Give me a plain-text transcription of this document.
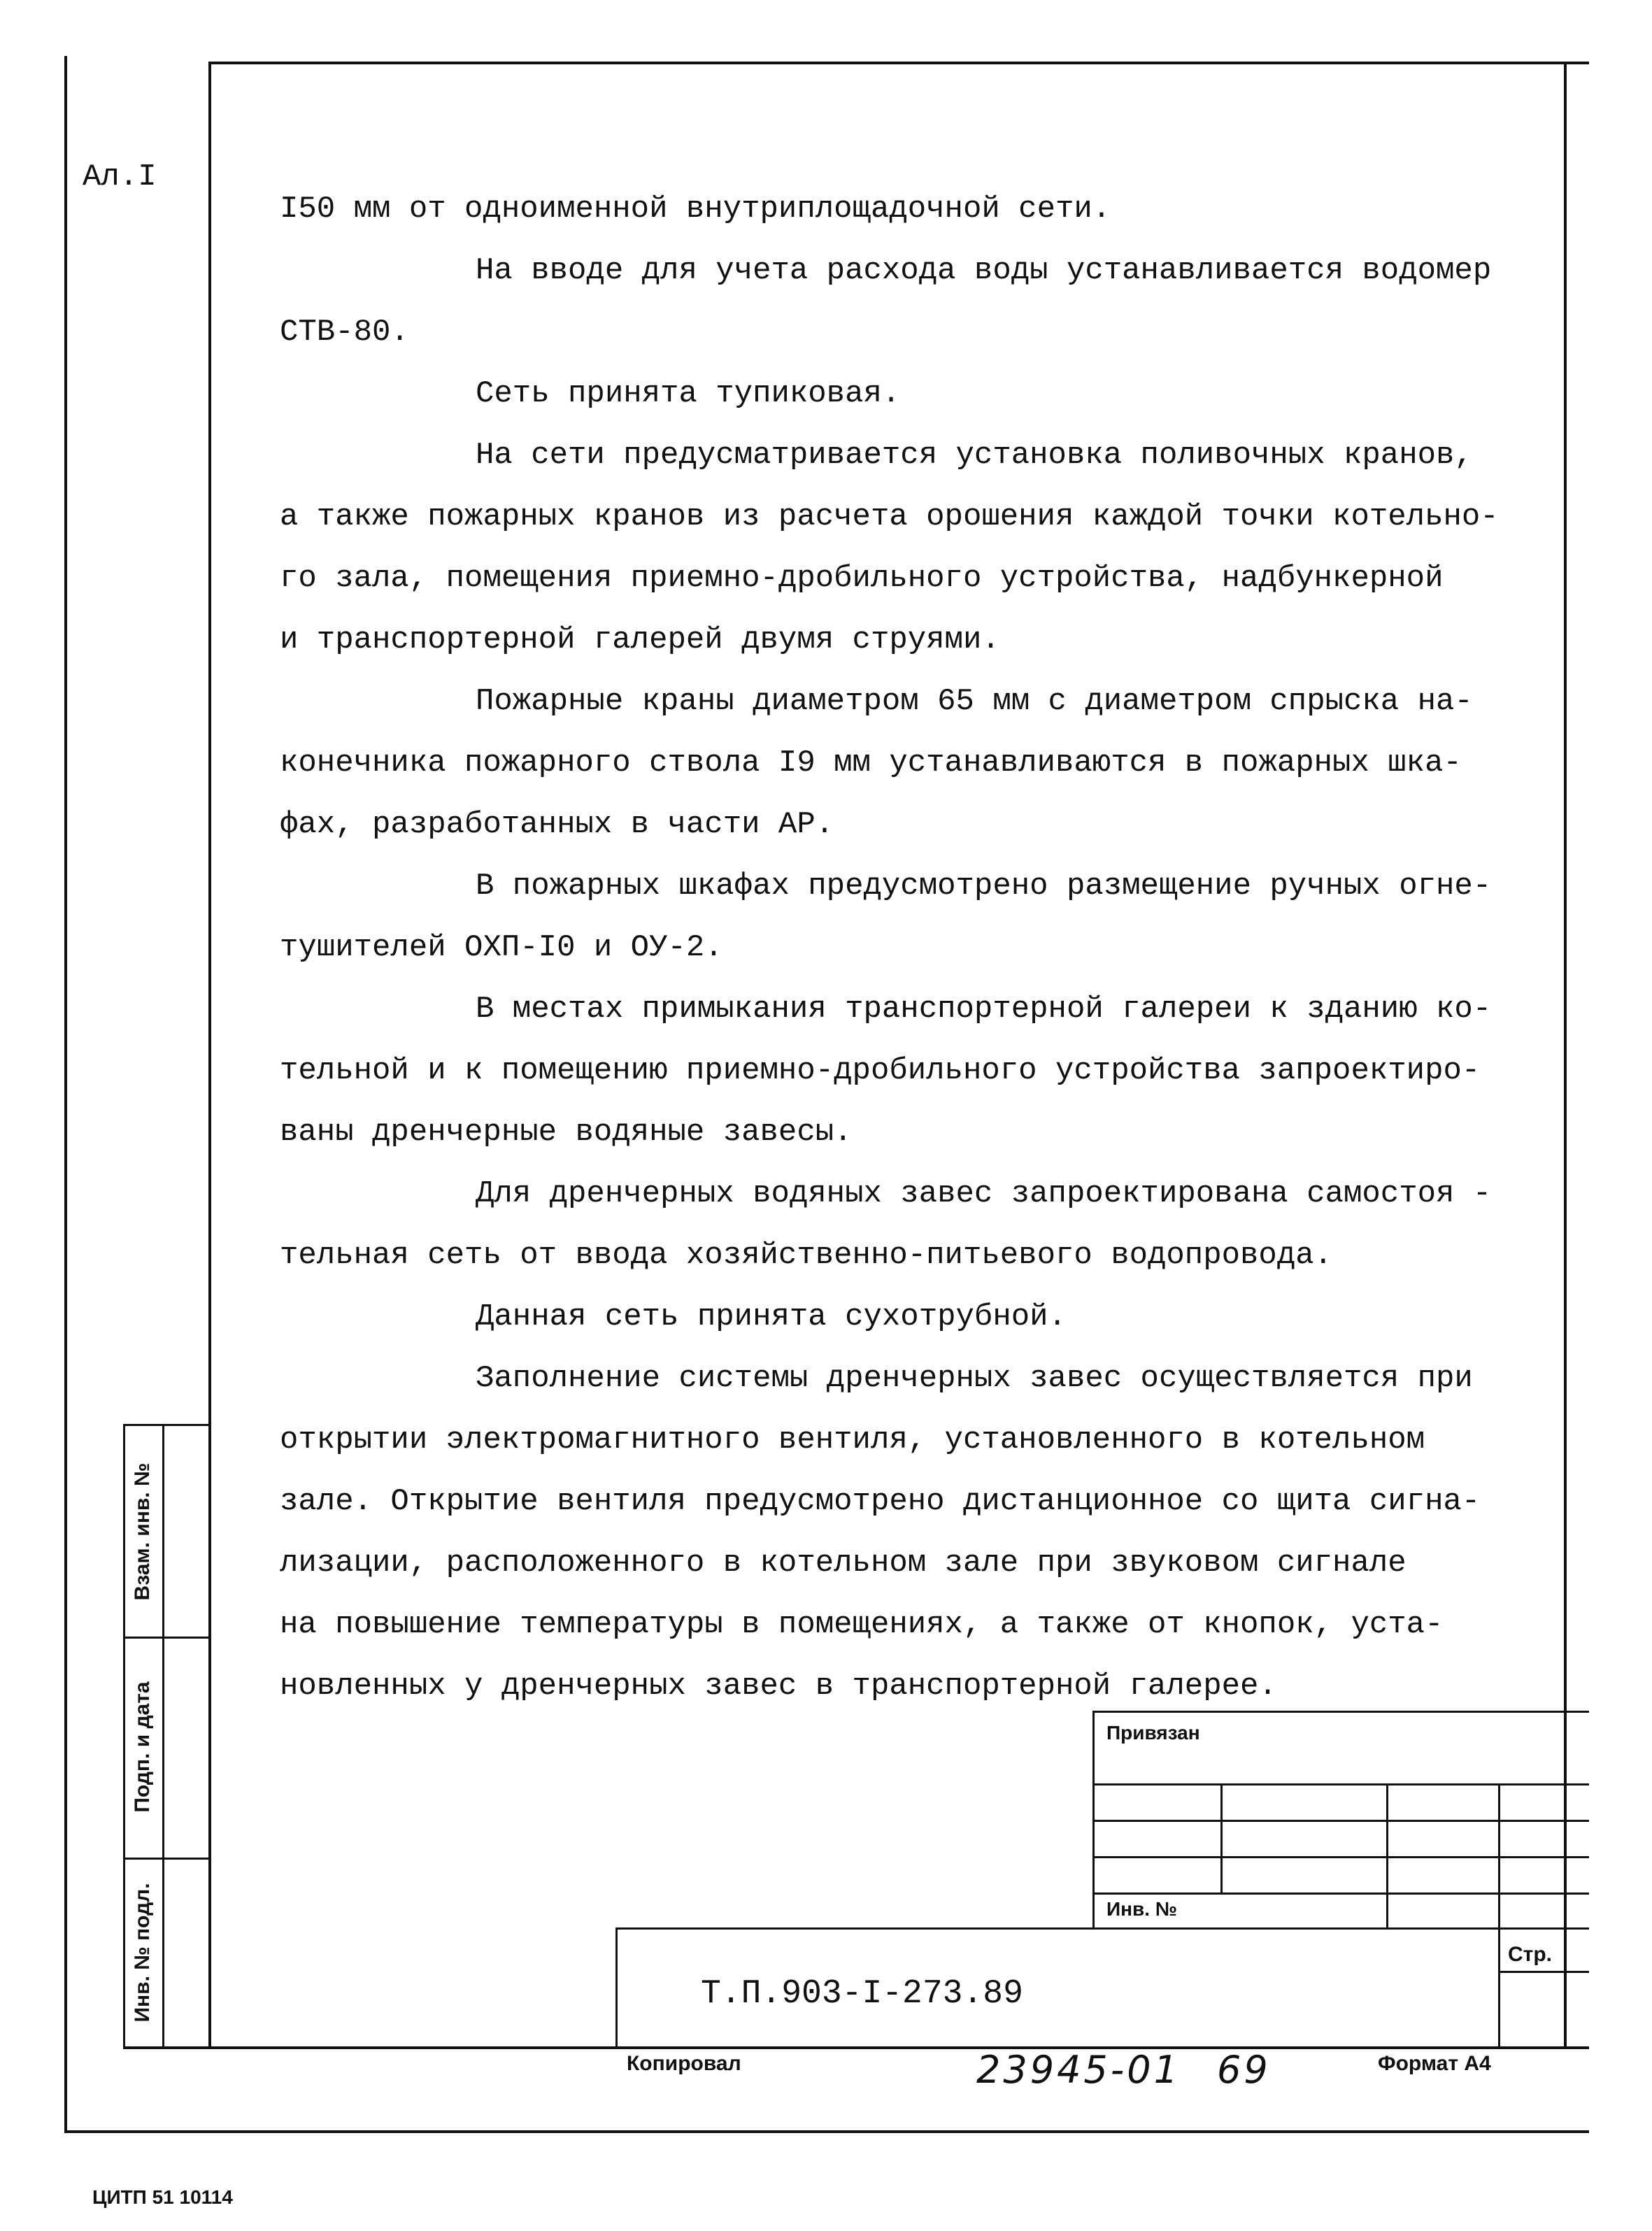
Ал.I

I50 мм от одноименной внутриплощадочной сети.

На вводе для учета расхода воды устанавливается водомер

СТВ-80.

Сеть принята тупиковая.

На сети предусматривается установка поливочных кранов,

а также пожарных кранов из расчета орошения каждой точки котельно-

го зала, помещения приемно-дробильного устройства, надбункерной

и транспортерной галерей двумя струями.

Пожарные краны диаметром 65 мм с диаметром спрыска на-

конечника пожарного ствола I9 мм устанавливаются в пожарных шка-

фах, разработанных в части АР.

В пожарных шкафах предусмотрено размещение ручных огне-

тушителей ОХП-I0 и ОУ-2.

В местах примыкания транспортерной галереи к зданию ко-

тельной и к помещению приемно-дробильного устройства запроектиро-

ваны дренчерные водяные завесы.

Для дренчерных водяных завес запроектирована самостоя -

тельная сеть от ввода хозяйственно-питьевого водопровода.

Данная сеть принята сухотрубной.

Заполнение системы дренчерных завес осуществляется при

открытии электромагнитного вентиля, установленного в котельном

зале. Открытие вентиля предусмотрено дистанционное со щита сигна-

лизации, расположенного в котельном зале при звуковом сигнале

на повышение температуры в помещениях, а также от кнопок, уста-

новленных у дренчерных завес в транспортерной галерее.

Взам. инв. №
Подп. и дата
Инв. № подл.
Привязан
Инв. №
Стр.
Т.П.903-I-273.89
Копировал	23945-01 69	Формат А4
ЦИТП 51 10114
